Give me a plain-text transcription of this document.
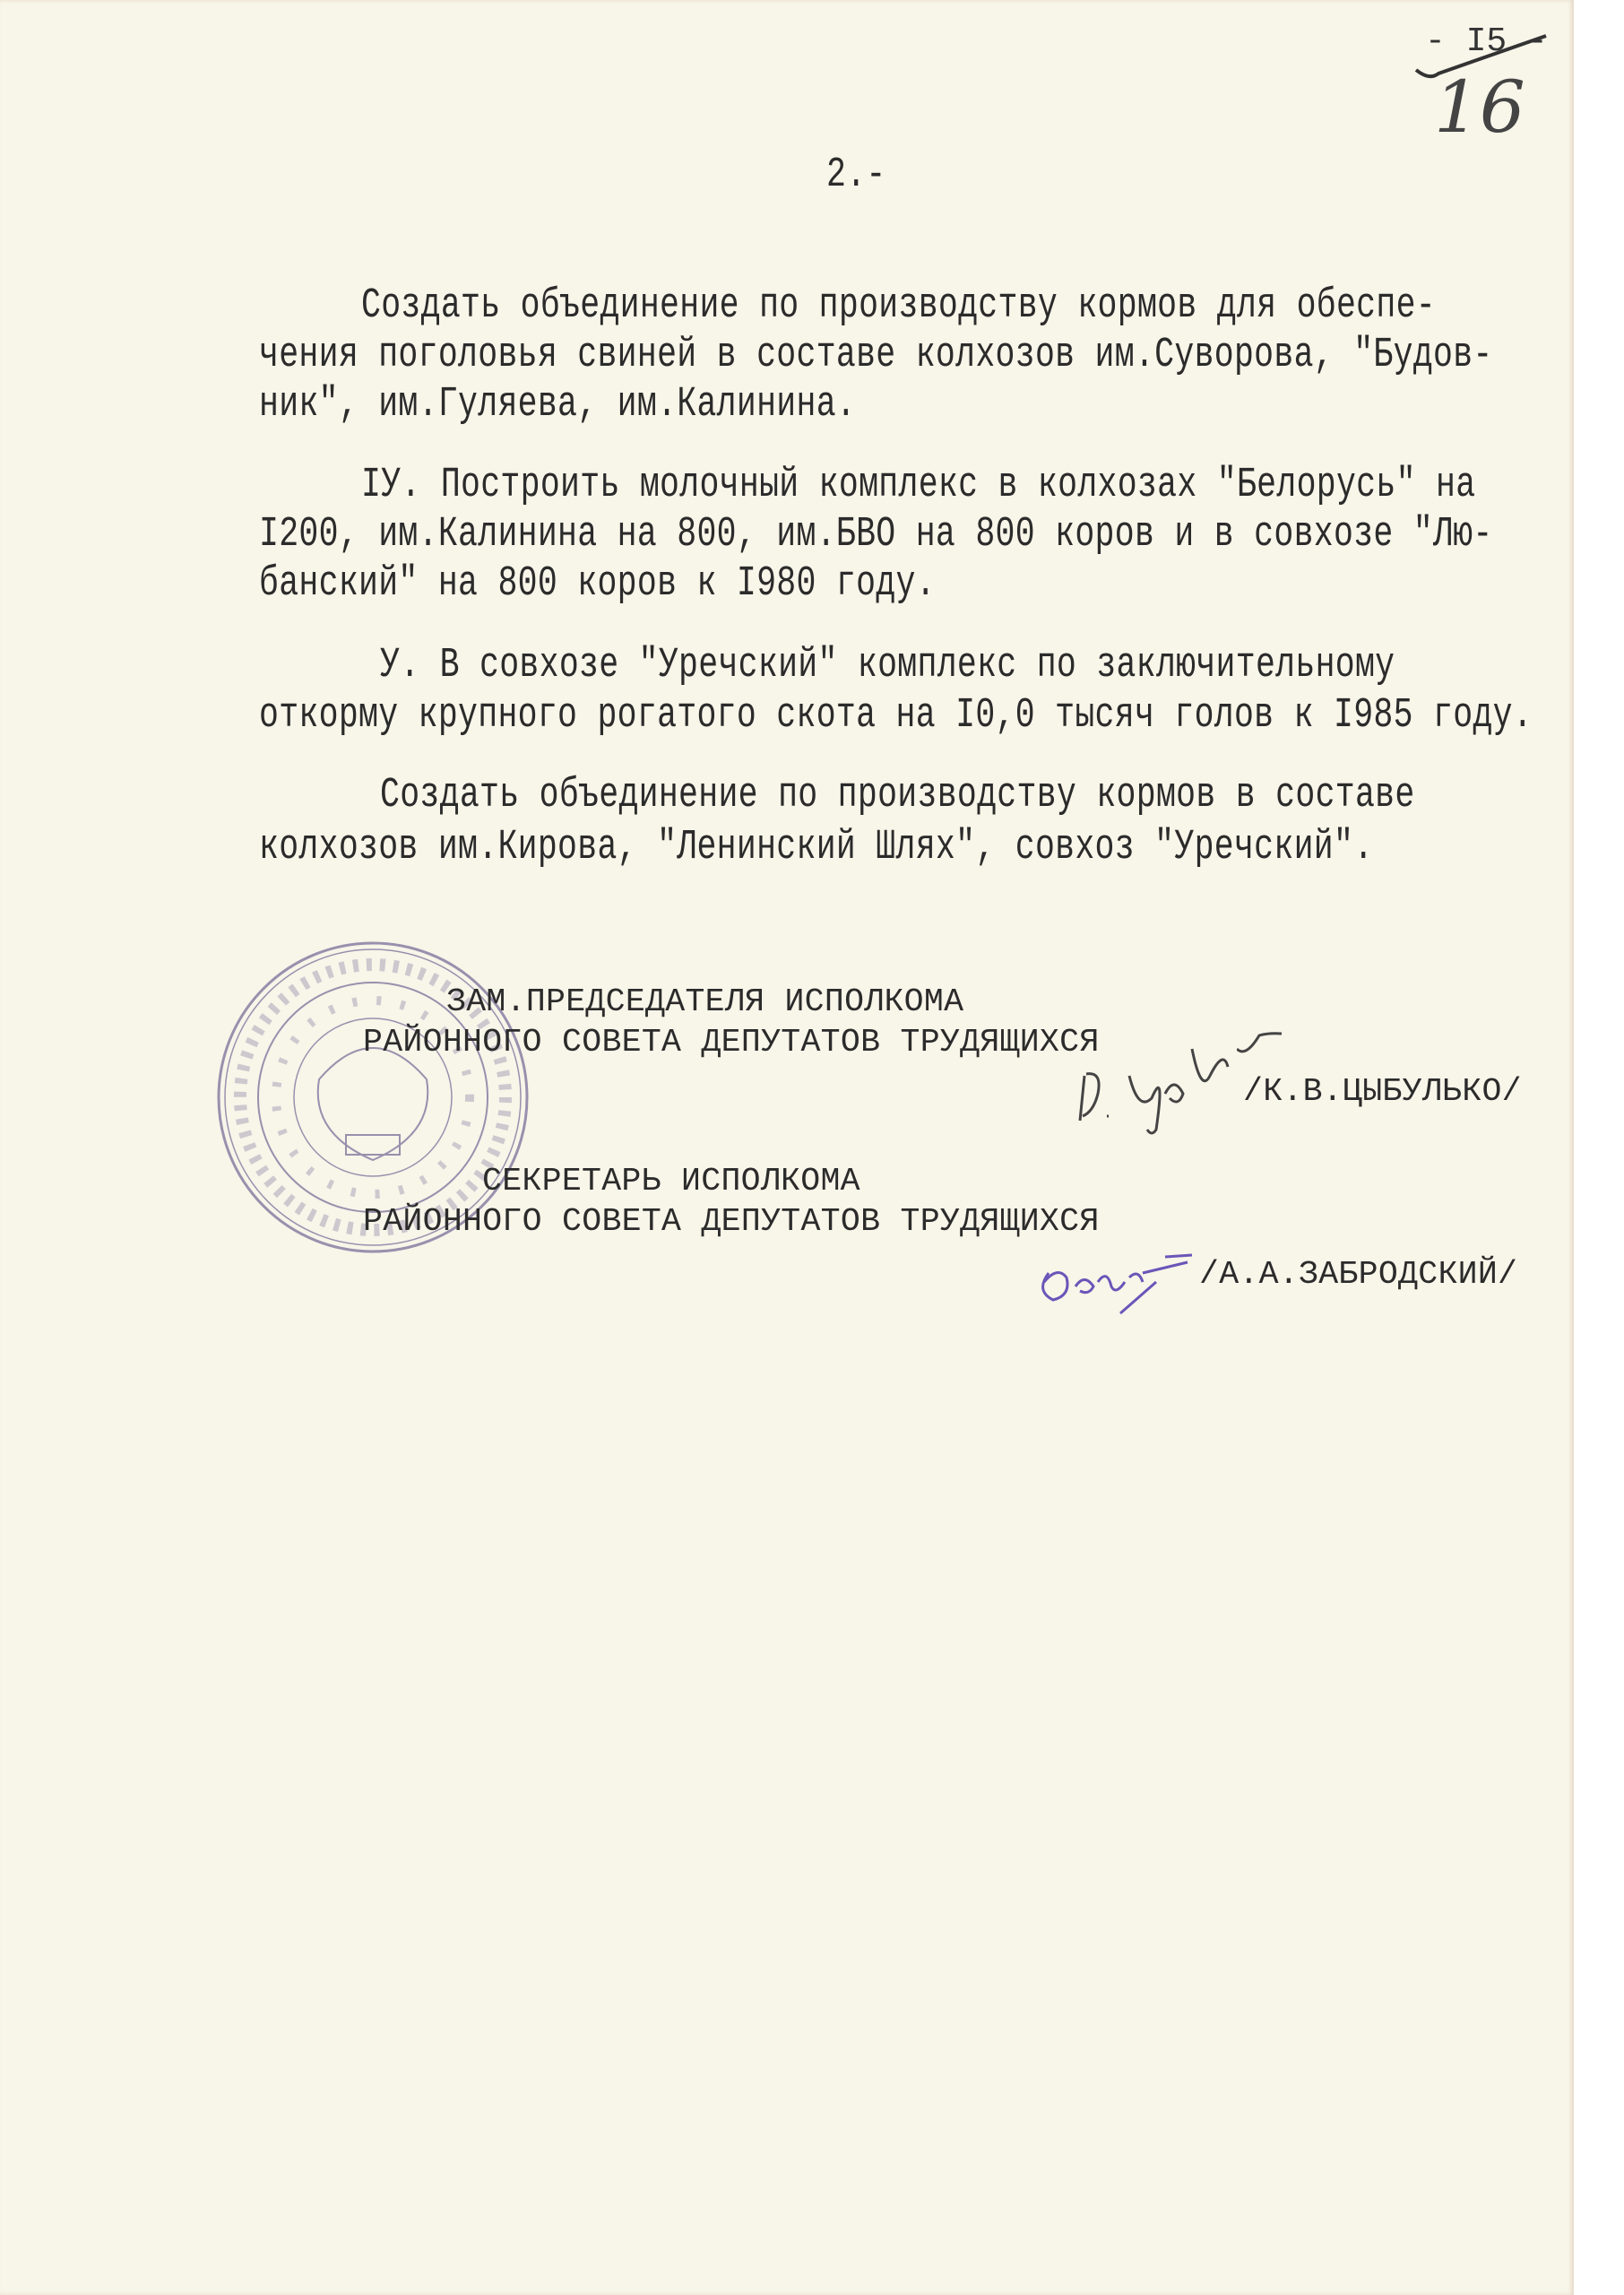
- I5 -
16
2.-
Создать объединение по производству кормов для обеспе-
чения поголовья свиней в составе колхозов им.Суворова, "Будов-
ник", им.Гуляева, им.Калинина.
IУ. Построить молочный комплекс в колхозах "Белорусь" на
I200, им.Калинина на 800, им.БВО на 800 коров и в совхозе "Лю-
банский" на 800 коров к I980 году.
У. В совхозе "Уречский" комплекс по заключительному
откорму крупного рогатого скота на I0,0 тысяч голов к I985 году.
Создать объединение по производству кормов в составе
колхозов им.Кирова, "Ленинский Шлях", совхоз "Уречский".
ЗАМ.ПРЕДСЕДАТЕЛЯ ИСПОЛКОМА
РАЙОННОГО СОВЕТА ДЕПУТАТОВ ТРУДЯЩИХСЯ
/К.В.ЦЫБУЛЬКО/
СЕКРЕТАРЬ ИСПОЛКОМА
РАЙОННОГО СОВЕТА ДЕПУТАТОВ ТРУДЯЩИХСЯ
/А.А.ЗАБРОДСКИЙ/
